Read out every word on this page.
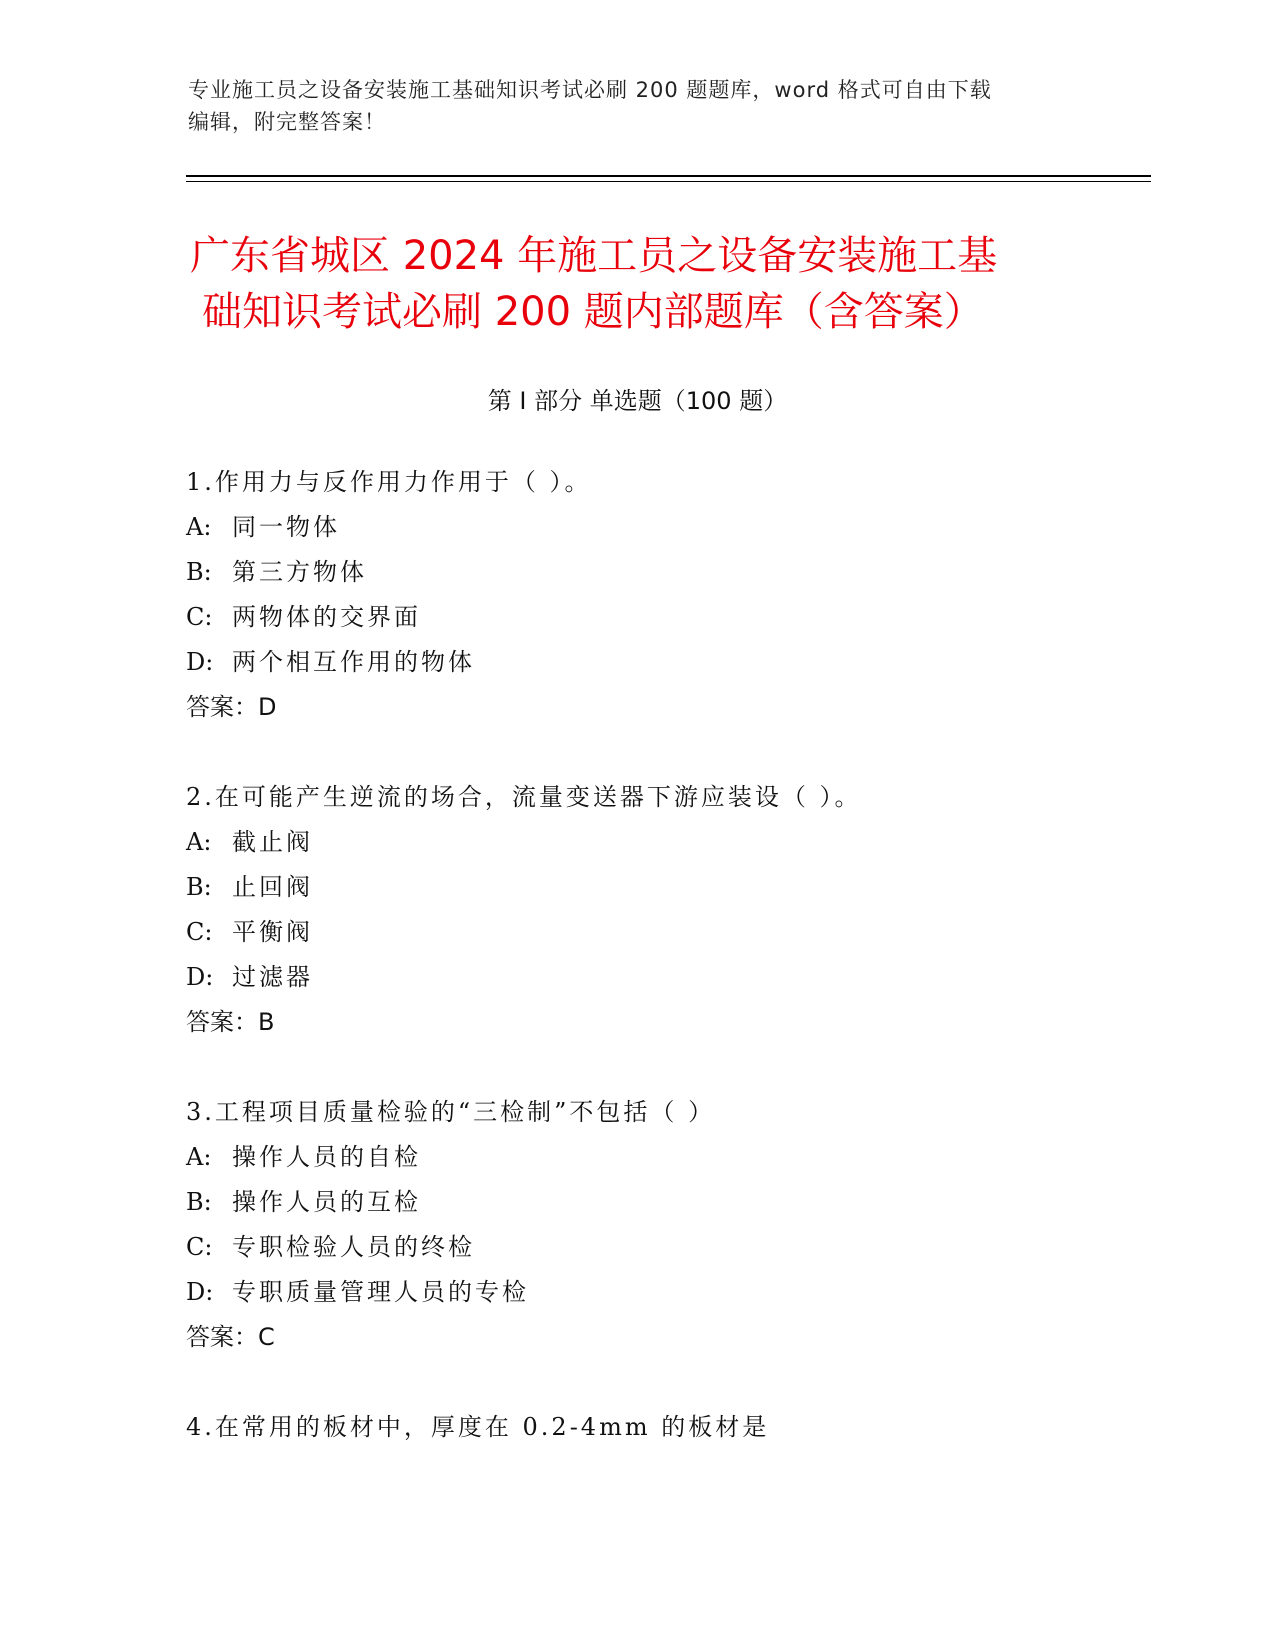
专业施工员之设备安装施工基础知识考试必刷 200 题题库，word 格式可自由下载
编辑，附完整答案！
广东省城区 2024 年施工员之设备安装施工基
础知识考试必刷 200 题内部题库（含答案）
第 I 部分 单选题（100 题）
1.作用力与反作用力作用于（ ）。
A: 同一物体
B: 第三方物体
C: 两物体的交界面
D: 两个相互作用的物体
答案：D
2.在可能产生逆流的场合，流量变送器下游应装设（ ）。
A: 截止阀
B: 止回阀
C: 平衡阀
D: 过滤器
答案：B
3.工程项目质量检验的“三检制”不包括（ ）
A: 操作人员的自检
B: 操作人员的互检
C: 专职检验人员的终检
D: 专职质量管理人员的专检
答案：C
4.在常用的板材中，厚度在 0.2-4mm 的板材是
